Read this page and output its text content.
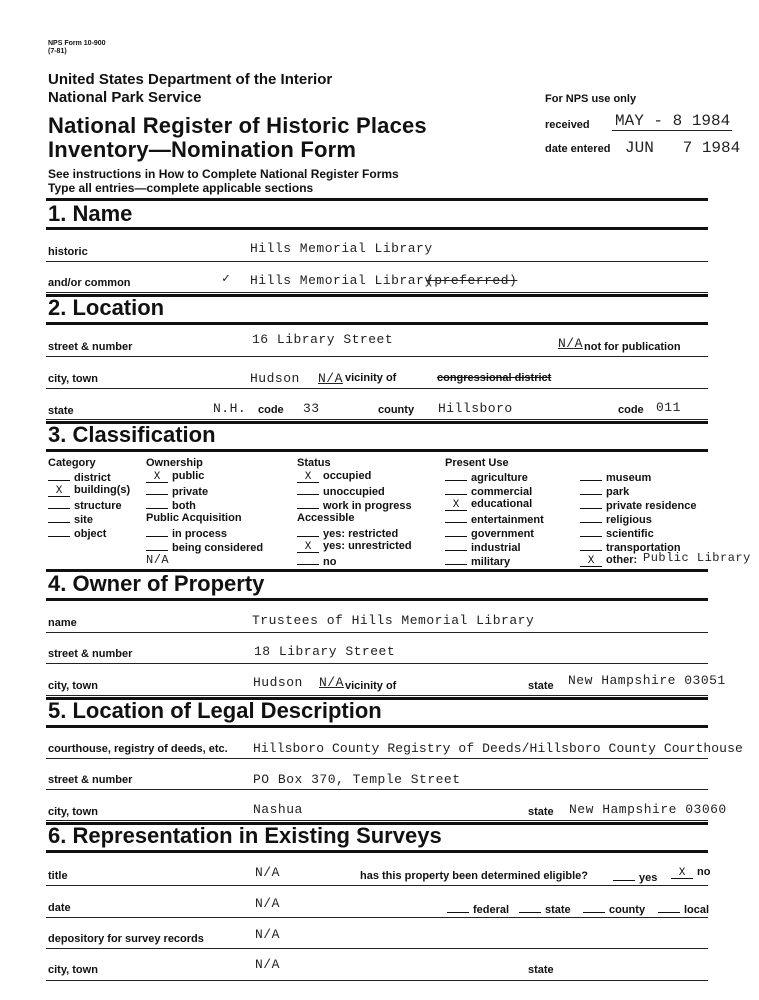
NPS Form 10-900
(7-81)
United States Department of the Interior
National Park Service
National Register of Historic Places
Inventory—Nomination Form
See instructions in How to Complete National Register Forms
Type all entries—complete applicable sections
For NPS use only
received MAY - 8 1984
date entered JUN   7 1984
1. Name
historic	Hills Memorial Library
and/or common	✓ Hills Memorial Library
(preferred)
2. Location
street & number	16 Library Street	N/A not for publication
city, town	Hudson N/A vicinity of	congressional district
state	N.H. code 33	county Hillsboro	code 011
3. Classification
Category
district
X building(s)
structure
site
object
Ownership
X public
private
both
Public Acquisition
in process
being considered
N/A
Status
X occupied
unoccupied
work in progress
Accessible
yes: restricted
X yes: unrestricted
no
Present Use
agriculture
commercial
X educational
entertainment
government
industrial
military
museum
park
private residence
religious
scientific
transportation
X other: Public Library
4. Owner of Property
name	Trustees of Hills Memorial Library
street & number	18 Library Street
city, town	Hudson N/A vicinity of	state New Hampshire 03051
5. Location of Legal Description
courthouse, registry of deeds, etc. Hillsboro County Registry of Deeds/Hillsboro County Courthouse
street & number	PO Box 370, Temple Street
city, town	Nashua	state New Hampshire 03060
6. Representation in Existing Surveys
title	N/A	has this property been determined eligible?	yes	X no
date	N/A	federal	state	county	local
depository for survey records	N/A
city, town	N/A	state
